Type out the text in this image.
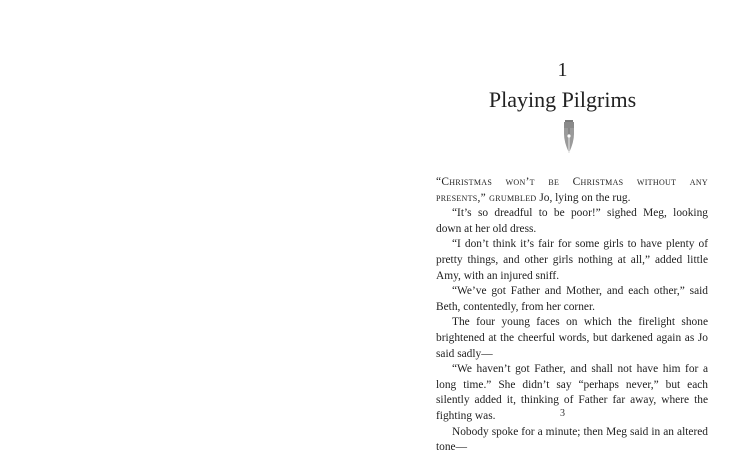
1
Playing Pilgrims
3

“Christmas won’t be Christmas without any presents,” grumbled Jo, lying on the rug.

“It’s so dreadful to be poor!” sighed Meg, looking down at her old dress.

“I don’t think it’s fair for some girls to have plenty of pretty things, and other girls nothing at all,” added little Amy, with an injured sniff.

“We’ve got Father and Mother, and each other,” said Beth, contentedly, from her corner.

The four young faces on which the firelight shone brightened at the cheerful words, but darkened again as Jo said sadly—

“We haven’t got Father, and shall not have him for a long time.” She didn’t say “perhaps never,” but each silently added it, thinking of Father far away, where the fighting was.

Nobody spoke for a minute; then Meg said in an altered tone—
